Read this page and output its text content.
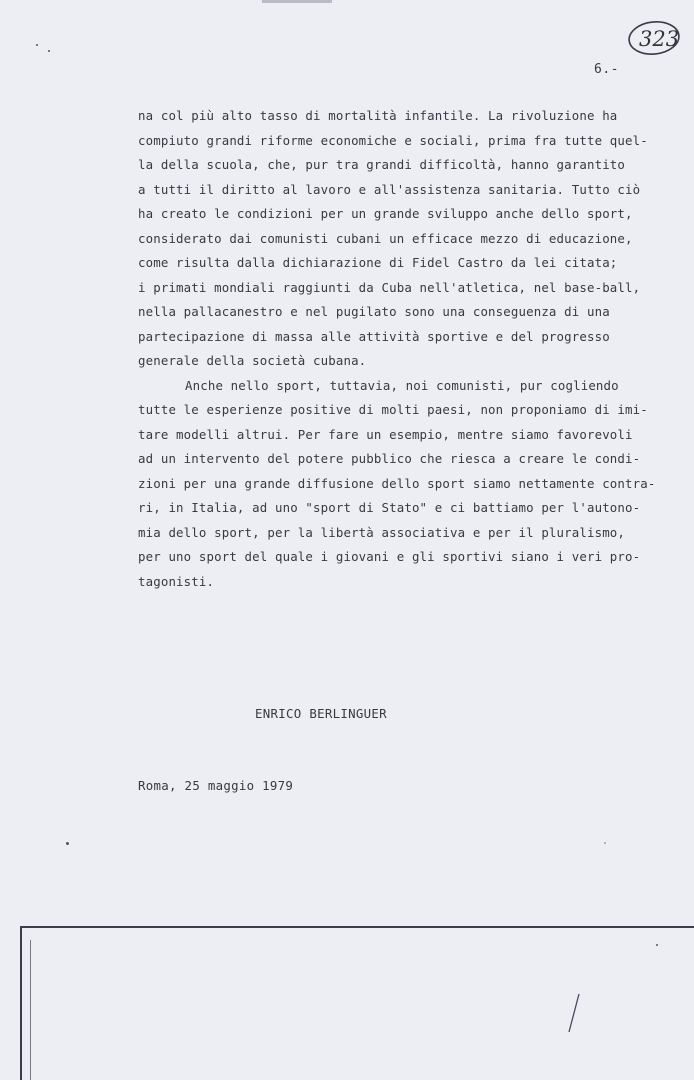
323
6.-
na col più alto tasso di mortalità infantile. La rivoluzione ha
compiuto grandi riforme economiche e sociali, prima fra tutte quel-
la della scuola, che, pur tra grandi difficoltà, hanno garantito
a tutti il diritto al lavoro e all'assistenza sanitaria. Tutto ciò
ha creato le condizioni per un grande sviluppo anche dello sport,
considerato dai comunisti cubani un efficace mezzo di educazione,
come risulta dalla dichiarazione di Fidel Castro da lei citata;
i primati mondiali raggiunti da Cuba nell'atletica, nel base-ball,
nella pallacanestro e nel pugilato sono una conseguenza di una
partecipazione di massa alle attività sportive e del progresso
generale della società cubana.
Anche nello sport, tuttavia, noi comunisti, pur cogliendo
tutte le esperienze positive di molti paesi, non proponiamo di imi-
tare modelli altrui. Per fare un esempio, mentre siamo favorevoli
ad un intervento del potere pubblico che riesca a creare le condi-
zioni per una grande diffusione dello sport siamo nettamente contra-
ri, in Italia, ad uno "sport di Stato" e ci battiamo per l'autono-
mia dello sport, per la libertà associativa e per il pluralismo,
per uno sport del quale i giovani e gli sportivi siano i veri pro-
tagonisti.
ENRICO BERLINGUER
Roma, 25 maggio 1979
